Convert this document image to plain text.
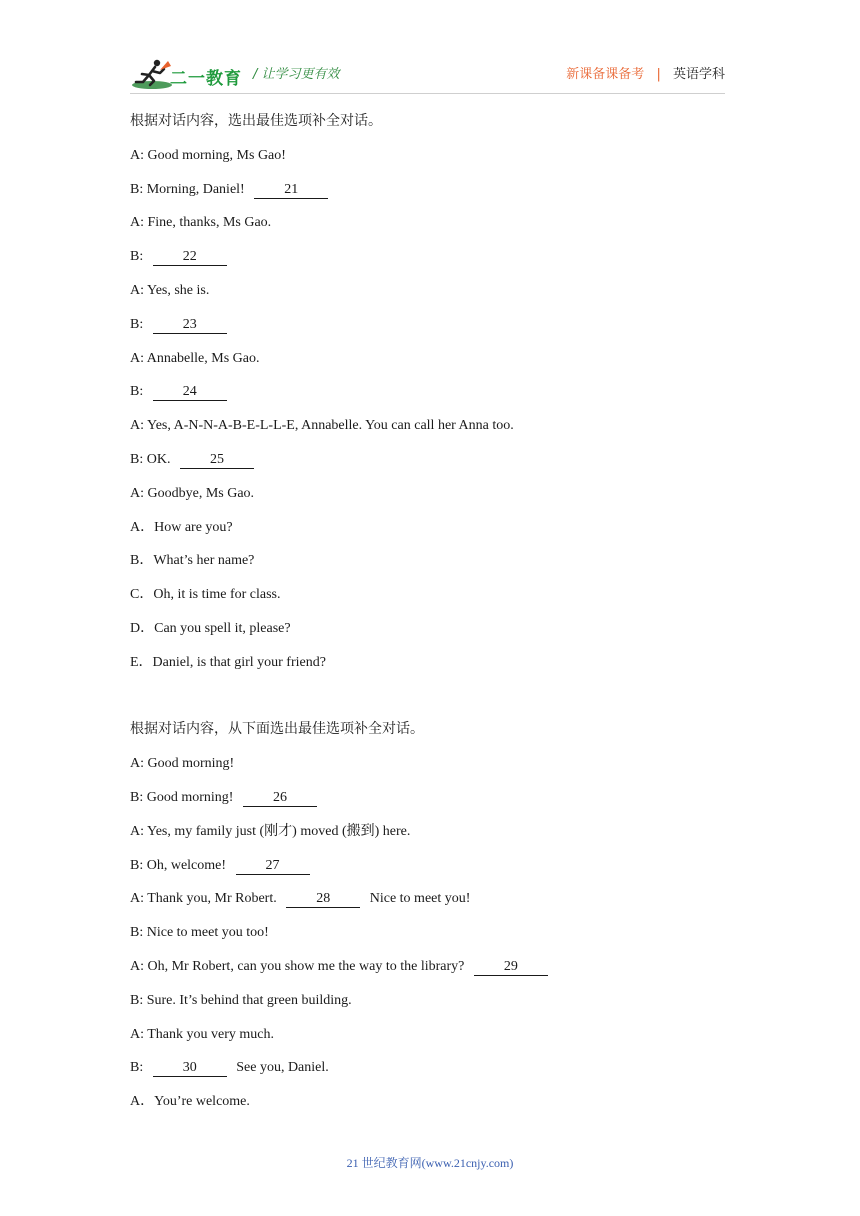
二一教育 / 让学习更有效	新课备课备考 | 英语学科
根据对话内容，选出最佳选项补全对话。
A: Good morning, Ms Gao!
B: Morning, Daniel!	21
A: Fine, thanks, Ms Gao.
B:	22
A: Yes, she is.
B:	23
A: Annabelle, Ms Gao.
B:	24
A: Yes, A-N-N-A-B-E-L-L-E, Annabelle. You can call her Anna too.
B: OK.	25
A: Goodbye, Ms Gao.
A．How are you?
B．What’s her name?
C．Oh, it is time for class.
D．Can you spell it, please?
E．Daniel, is that girl your friend?
根据对话内容，从下面选出最佳选项补全对话。
A: Good morning!
B: Good morning!	26
A: Yes, my family just (刚才) moved (搬到) here.
B: Oh, welcome!	27
A: Thank you, Mr Robert.	28	Nice to meet you!
B: Nice to meet you too!
A: Oh, Mr Robert, can you show me the way to the library?	29
B: Sure. It’s behind that green building.
A: Thank you very much.
B:	30	See you, Daniel.
A．You’re welcome.
21 世纪教育网(www.21cnjy.com)
